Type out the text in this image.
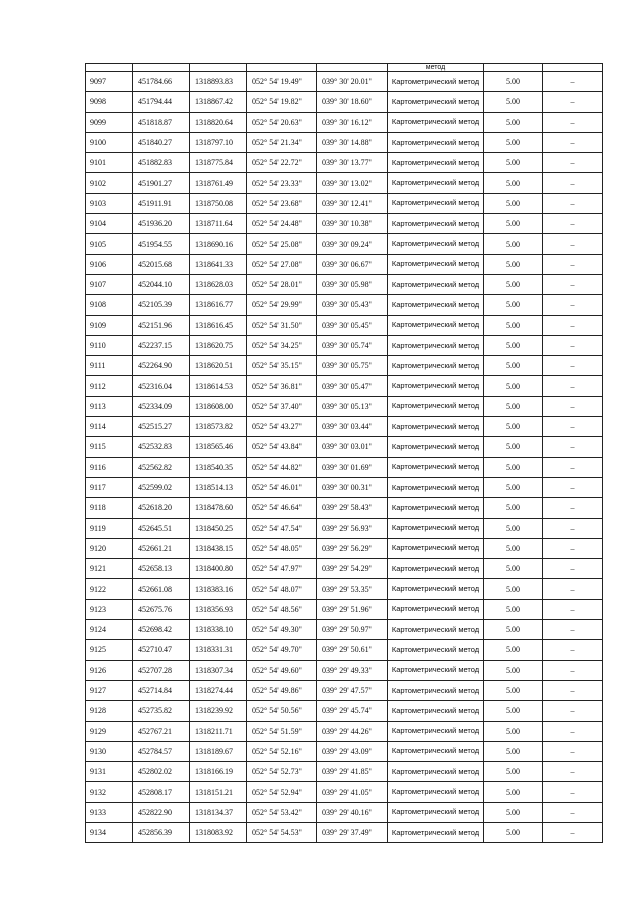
					метод		
9097	451784.66	1318893.83	052° 54' 19.49"	039° 30' 20.01"	Картометрический метод	5.00	–
9098	451794.44	1318867.42	052° 54' 19.82"	039° 30' 18.60"	Картометрический метод	5.00	–
9099	451818.87	1318820.64	052° 54' 20.63"	039° 30' 16.12"	Картометрический метод	5.00	–
9100	451840.27	1318797.10	052° 54' 21.34"	039° 30' 14.88"	Картометрический метод	5.00	–
9101	451882.83	1318775.84	052° 54' 22.72"	039° 30' 13.77"	Картометрический метод	5.00	–
9102	451901.27	1318761.49	052° 54' 23.33"	039° 30' 13.02"	Картометрический метод	5.00	–
9103	451911.91	1318750.08	052° 54' 23.68"	039° 30' 12.41"	Картометрический метод	5.00	–
9104	451936.20	1318711.64	052° 54' 24.48"	039° 30' 10.38"	Картометрический метод	5.00	–
9105	451954.55	1318690.16	052° 54' 25.08"	039° 30' 09.24"	Картометрический метод	5.00	–
9106	452015.68	1318641.33	052° 54' 27.08"	039° 30' 06.67"	Картометрический метод	5.00	–
9107	452044.10	1318628.03	052° 54' 28.01"	039° 30' 05.98"	Картометрический метод	5.00	–
9108	452105.39	1318616.77	052° 54' 29.99"	039° 30' 05.43"	Картометрический метод	5.00	–
9109	452151.96	1318616.45	052° 54' 31.50"	039° 30' 05.45"	Картометрический метод	5.00	–
9110	452237.15	1318620.75	052° 54' 34.25"	039° 30' 05.74"	Картометрический метод	5.00	–
9111	452264.90	1318620.51	052° 54' 35.15"	039° 30' 05.75"	Картометрический метод	5.00	–
9112	452316.04	1318614.53	052° 54' 36.81"	039° 30' 05.47"	Картометрический метод	5.00	–
9113	452334.09	1318608.00	052° 54' 37.40"	039° 30' 05.13"	Картометрический метод	5.00	–
9114	452515.27	1318573.82	052° 54' 43.27"	039° 30' 03.44"	Картометрический метод	5.00	–
9115	452532.83	1318565.46	052° 54' 43.84"	039° 30' 03.01"	Картометрический метод	5.00	–
9116	452562.82	1318540.35	052° 54' 44.82"	039° 30' 01.69"	Картометрический метод	5.00	–
9117	452599.02	1318514.13	052° 54' 46.01"	039° 30' 00.31"	Картометрический метод	5.00	–
9118	452618.20	1318478.60	052° 54' 46.64"	039° 29' 58.43"	Картометрический метод	5.00	–
9119	452645.51	1318450.25	052° 54' 47.54"	039° 29' 56.93"	Картометрический метод	5.00	–
9120	452661.21	1318438.15	052° 54' 48.05"	039° 29' 56.29"	Картометрический метод	5.00	–
9121	452658.13	1318400.80	052° 54' 47.97"	039° 29' 54.29"	Картометрический метод	5.00	–
9122	452661.08	1318383.16	052° 54' 48.07"	039° 29' 53.35"	Картометрический метод	5.00	–
9123	452675.76	1318356.93	052° 54' 48.56"	039° 29' 51.96"	Картометрический метод	5.00	–
9124	452698.42	1318338.10	052° 54' 49.30"	039° 29' 50.97"	Картометрический метод	5.00	–
9125	452710.47	1318331.31	052° 54' 49.70"	039° 29' 50.61"	Картометрический метод	5.00	–
9126	452707.28	1318307.34	052° 54' 49.60"	039° 29' 49.33"	Картометрический метод	5.00	–
9127	452714.84	1318274.44	052° 54' 49.86"	039° 29' 47.57"	Картометрический метод	5.00	–
9128	452735.82	1318239.92	052° 54' 50.56"	039° 29' 45.74"	Картометрический метод	5.00	–
9129	452767.21	1318211.71	052° 54' 51.59"	039° 29' 44.26"	Картометрический метод	5.00	–
9130	452784.57	1318189.67	052° 54' 52.16"	039° 29' 43.09"	Картометрический метод	5.00	–
9131	452802.02	1318166.19	052° 54' 52.73"	039° 29' 41.85"	Картометрический метод	5.00	–
9132	452808.17	1318151.21	052° 54' 52.94"	039° 29' 41.05"	Картометрический метод	5.00	–
9133	452822.90	1318134.37	052° 54' 53.42"	039° 29' 40.16"	Картометрический метод	5.00	–
9134	452856.39	1318083.92	052° 54' 54.53"	039° 29' 37.49"	Картометрический метод	5.00	–
